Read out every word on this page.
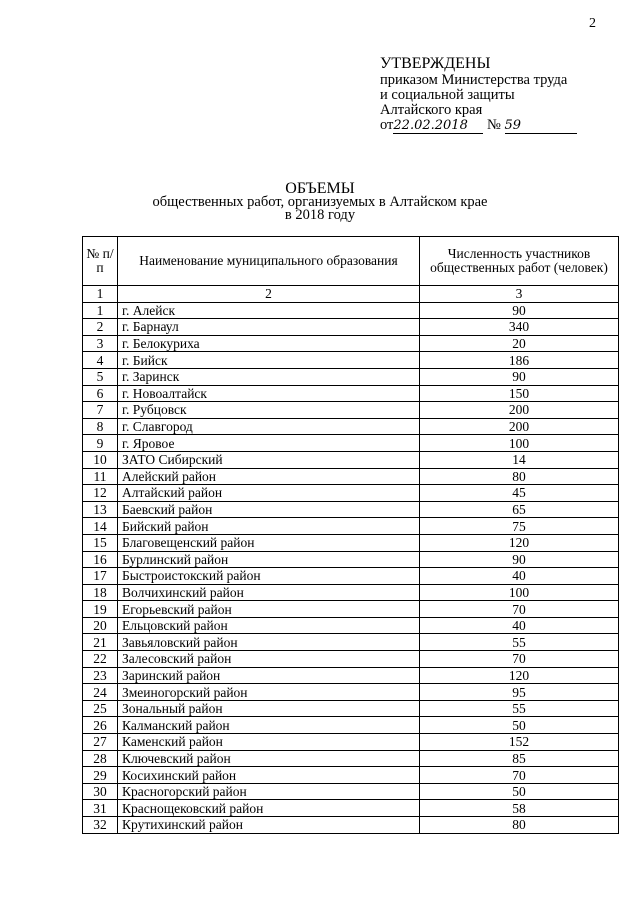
2
УТВЕРЖДЕНЫ
приказом Министерства труда
и социальной защиты
Алтайского края
от22.02.2018 № 59
ОБЪЕМЫ
общественных работ, организуемых в Алтайском крае
в 2018 году
№ п/п	Наименование муниципального образования	Численность участников общественных работ (человек)
1	2	3
1	г. Алейск	90
2	г. Барнаул	340
3	г. Белокуриха	20
4	г. Бийск	186
5	г. Заринск	90
6	г. Новоалтайск	150
7	г. Рубцовск	200
8	г. Славгород	200
9	г. Яровое	100
10	ЗАТО Сибирский	14
11	Алейский район	80
12	Алтайский район	45
13	Баевский район	65
14	Бийский район	75
15	Благовещенский район	120
16	Бурлинский район	90
17	Быстроистокский район	40
18	Волчихинский район	100
19	Егорьевский район	70
20	Ельцовский район	40
21	Завьяловский район	55
22	Залесовский район	70
23	Заринский район	120
24	Змеиногорский район	95
25	Зональный район	55
26	Калманский район	50
27	Каменский район	152
28	Ключевский район	85
29	Косихинский район	70
30	Красногорский район	50
31	Краснощековский район	58
32	Крутихинский район	80
